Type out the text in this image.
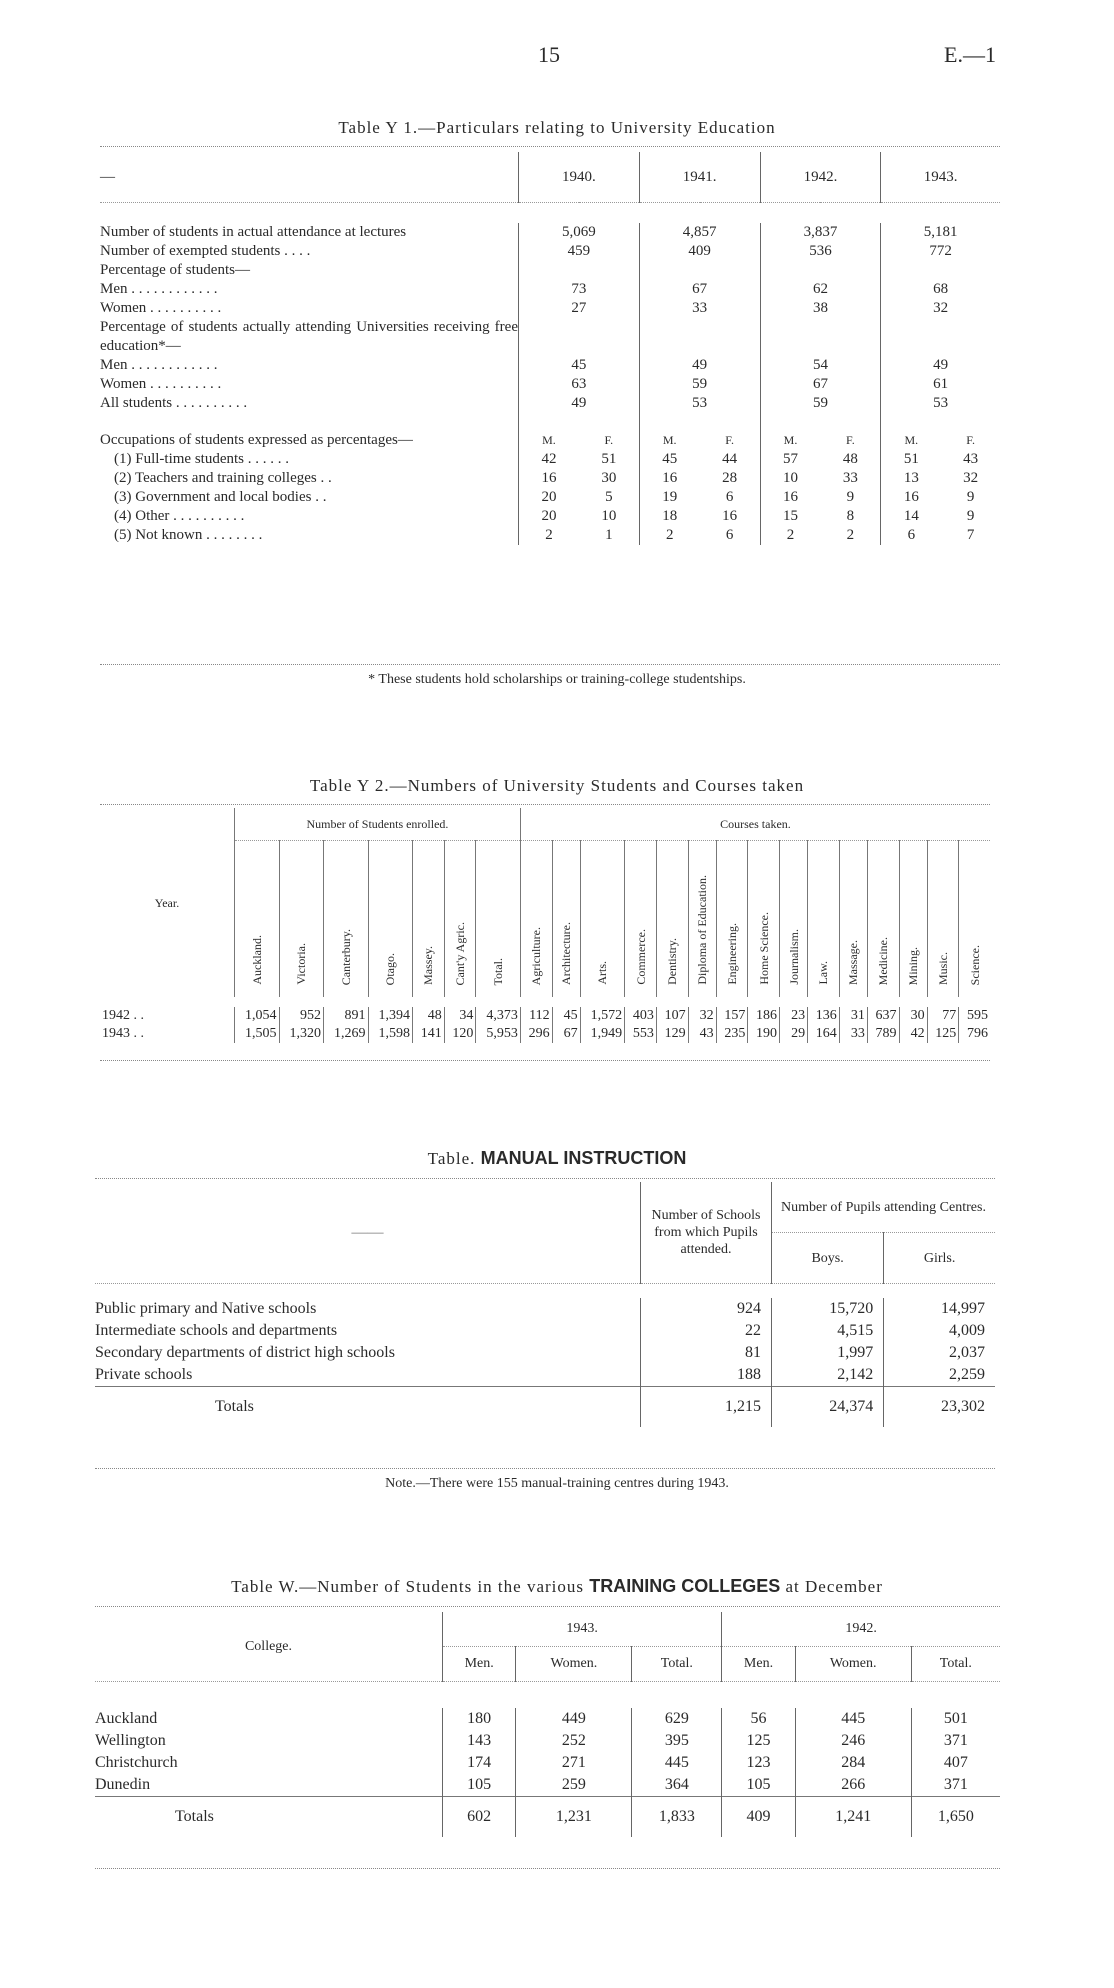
15	E.—1
Table Y 1.—Particulars relating to University Education
—	1940.		1941.		1942.		1943.	

Number of students in actual attendance at lectures	5,069		4,857		3,837		5,181	
Number of exempted students . . . .	459		409		536		772	
Percentage of students—								
Men . . . . . . . . . . . .	73		67		62		68	
Women . . . . . . . . . .	27		33		38		32	
Percentage of students actually attending Universities receiving free education*—								
Men . . . . . . . . . . . .	45		49		54		49	
Women . . . . . . . . . .	63		59		67		61	
All students . . . . . . . . . .	49		53		59		53	
Occupations of students expressed as percentages—	M.	F.	M.	F.	M.	F.	M.	F.
(1) Full-time students . . . . . .	42	51	45	44	57	48	51	43
(2) Teachers and training colleges . .	16	30	16	28	10	33	13	32
(3) Government and local bodies . .	20	5	19	6	16	9	16	9
(4) Other . . . . . . . . . .	20	10	18	16	15	8	14	9
(5) Not known . . . . . . . .	2	1	2	6	2	2	6	7
* These students hold scholarships or training-college studentships.
Table Y 2.—Numbers of University Students and Courses taken
Year.	Number of Students enrolled.							Courses taken.														
	Auckland.	Victoria.	Canterbury.	Otago.	Massey.	Cant'y Agric.	Total.	Agriculture.	Architecture.	Arts.	Commerce.	Dentistry.	Diploma of Education.	Engineering.	Home Science.	Journalism.	Law.	Massage.	Medicine.	Mining.	Music.	Science.

1942 . .	1,054	952	891	1,394	48	34	4,373	112	45	1,572	403	107	32	157	186	23	136	31	637	30	77	595
1943 . .	1,505	1,320	1,269	1,598	141	120	5,953	296	67	1,949	553	129	43	235	190	29	164	33	789	42	125	796
Table. MANUAL INSTRUCTION
——	Number of Schools from which Pupils attended.	Number of Pupils attending Centres.	
		Boys.	Girls.

Public primary and Native schools	924	15,720	14,997
Intermediate schools and departments	22	4,515	4,009
Secondary departments of district high schools	81	1,997	2,037
Private schools	188	2,142	2,259
Totals	1,215	24,374	23,302
Note.—There were 155 manual-training centres during 1943.
Table W.—Number of Students in the various TRAINING COLLEGES at December
College.	1943.			1942.		
	Men.	Women.	Total.	Men.	Women.	Total.

Auckland	180	449	629	56	445	501
Wellington	143	252	395	125	246	371
Christchurch	174	271	445	123	284	407
Dunedin	105	259	364	105	266	371
Totals	602	1,231	1,833	409	1,241	1,650
